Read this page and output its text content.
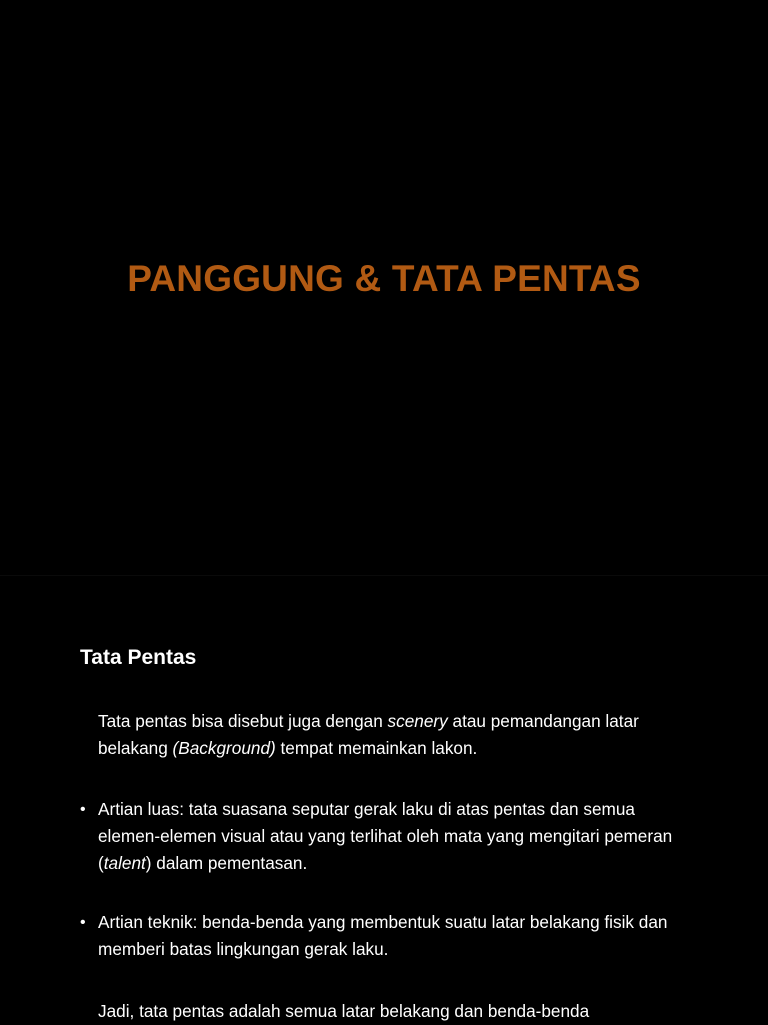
PANGGUNG & TATA PENTAS
Tata Pentas

Tata pentas bisa disebut juga dengan scenery atau pemandangan latar belakang (Background) tempat memainkan lakon.

• Artian luas: tata suasana seputar gerak laku di atas pentas dan semua elemen-elemen visual atau yang terlihat oleh mata yang mengitari pemeran (talent) dalam pementasan.

• Artian teknik: benda-benda yang membentuk suatu latar belakang fisik dan memberi batas lingkungan gerak laku.

Jadi, tata pentas adalah semua latar belakang dan benda-benda
